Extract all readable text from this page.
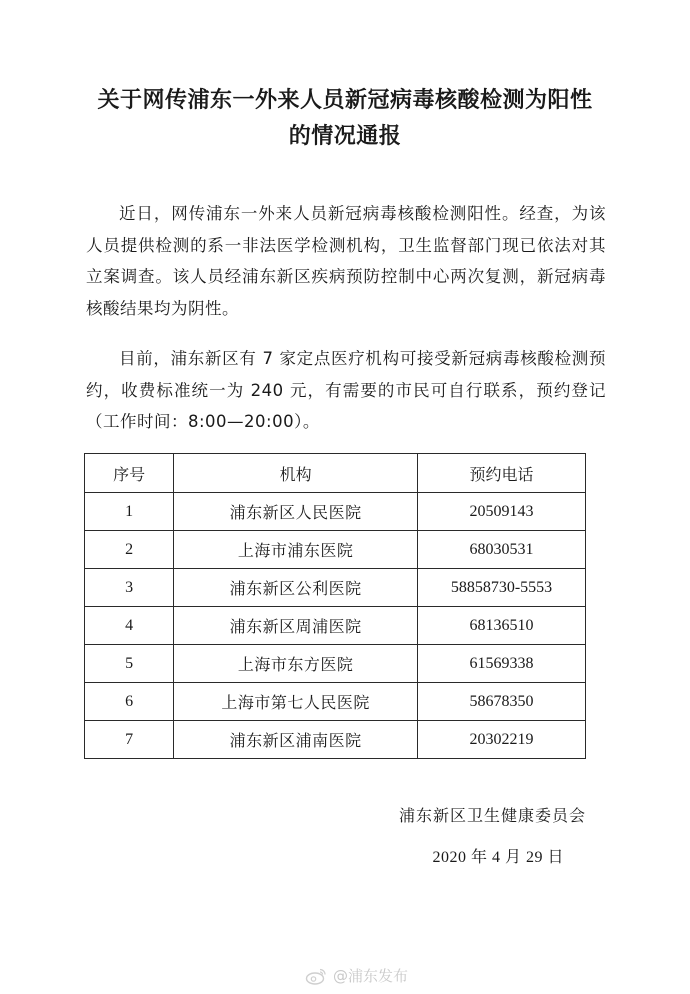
关于网传浦东一外来人员新冠病毒核酸检测为阳性
的情况通报

近日，网传浦东一外来人员新冠病毒核酸检测阳性。经查，为该人员提供检测的系一非法医学检测机构，卫生监督部门现已依法对其立案调查。该人员经浦东新区疾病预防控制中心两次复测，新冠病毒核酸结果均为阴性。

目前，浦东新区有 7 家定点医疗机构可接受新冠病毒核酸检测预约，收费标准统一为 240 元，有需要的市民可自行联系，预约登记（工作时间：8:00—20:00）。

序号	机构	预约电话
1	浦东新区人民医院	20509143
2	上海市浦东医院	68030531
3	浦东新区公利医院	58858730-5553
4	浦东新区周浦医院	68136510
5	上海市东方医院	61569338
6	上海市第七人民医院	58678350
7	浦东新区浦南医院	20302219
浦东新区卫生健康委员会
2020 年 4 月 29 日
@浦东发布
